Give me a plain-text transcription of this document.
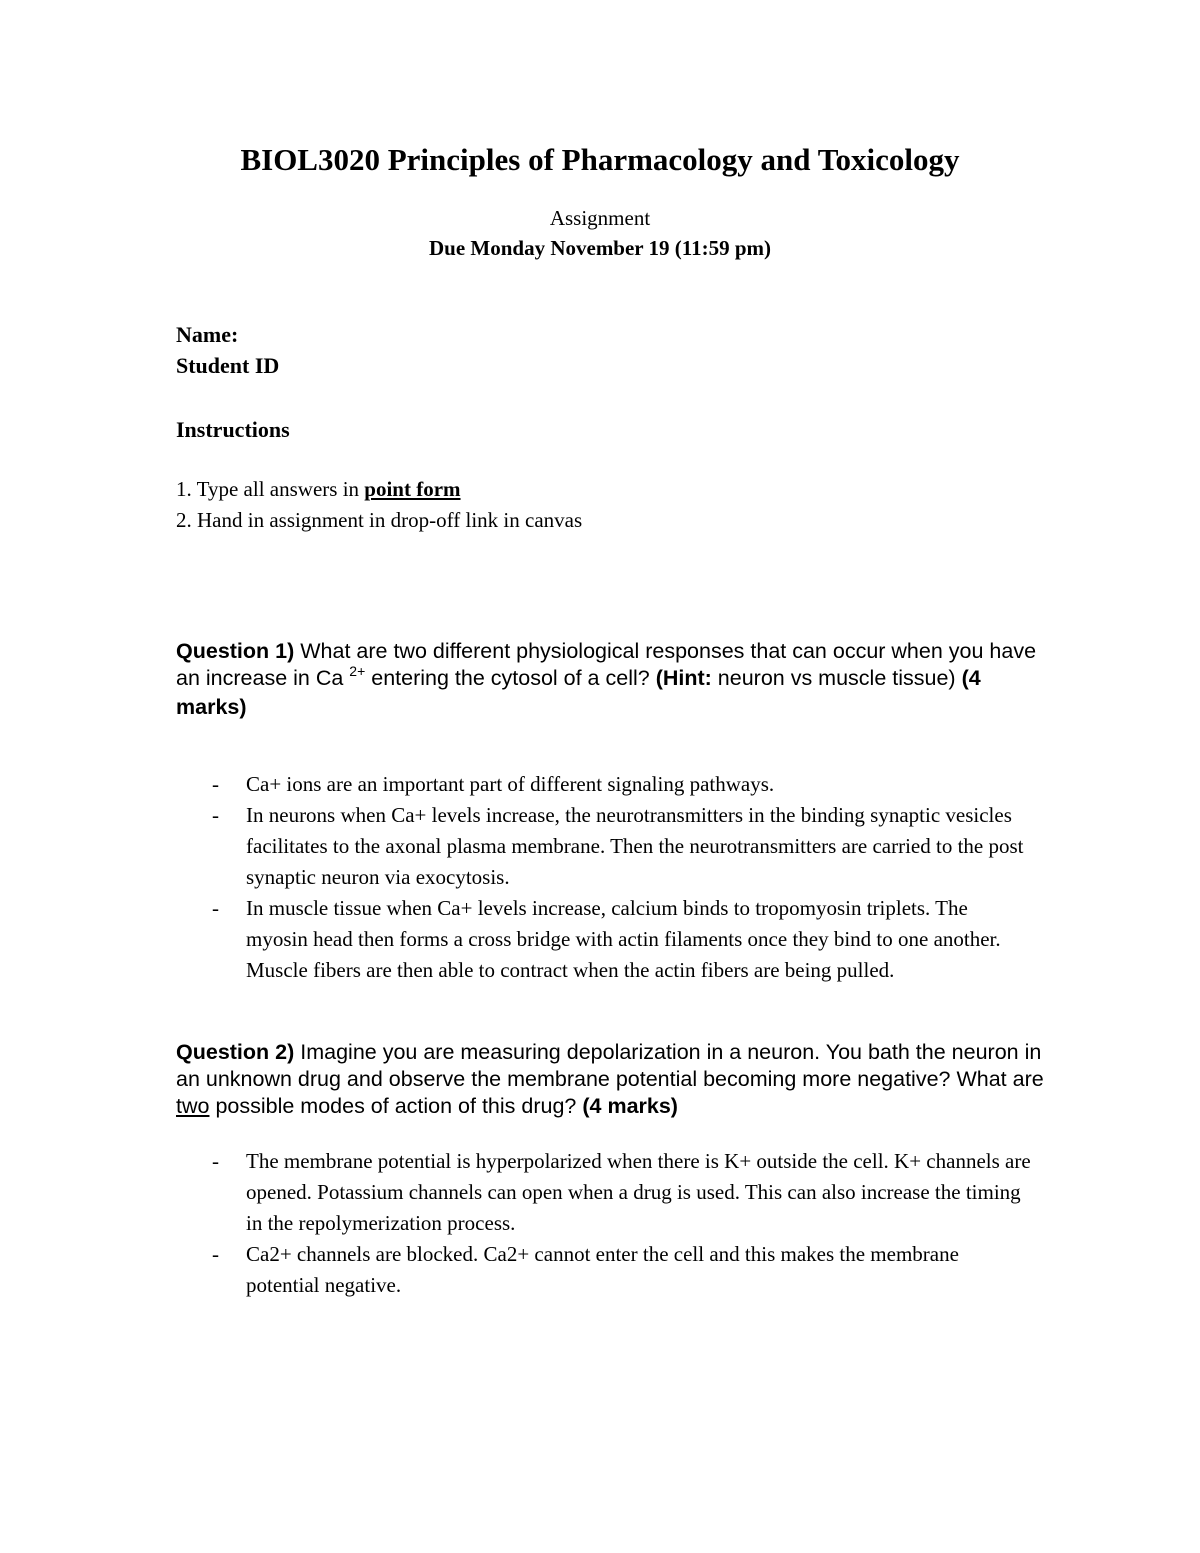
BIOL3020 Principles of Pharmacology and Toxicology
Assignment
Due Monday November 19 (11:59 pm)
Name:
Student ID
Instructions
1. Type all answers in point form
2. Hand in assignment in drop-off link in canvas
Question 1) What are two different physiological responses that can occur when you have an increase in Ca $^{2+}$ entering the cytosol of a cell? (Hint: neuron vs muscle tissue) (4 marks)
- Ca+ ions are an important part of different signaling pathways.
- In neurons when Ca+ levels increase, the neurotransmitters in the binding synaptic vesicles facilitates to the axonal plasma membrane. Then the neurotransmitters are carried to the post synaptic neuron via exocytosis.
- In muscle tissue when Ca+ levels increase, calcium binds to tropomyosin triplets. The myosin head then forms a cross bridge with actin filaments once they bind to one another. Muscle fibers are then able to contract when the actin fibers are being pulled.
Question 2) Imagine you are measuring depolarization in a neuron. You bath the neuron in an unknown drug and observe the membrane potential becoming more negative? What are two possible modes of action of this drug? (4 marks)
- The membrane potential is hyperpolarized when there is K+ outside the cell. K+ channels are opened. Potassium channels can open when a drug is used. This can also increase the timing in the repolymerization process.
- Ca2+ channels are blocked. Ca2+ cannot enter the cell and this makes the membrane potential negative.
